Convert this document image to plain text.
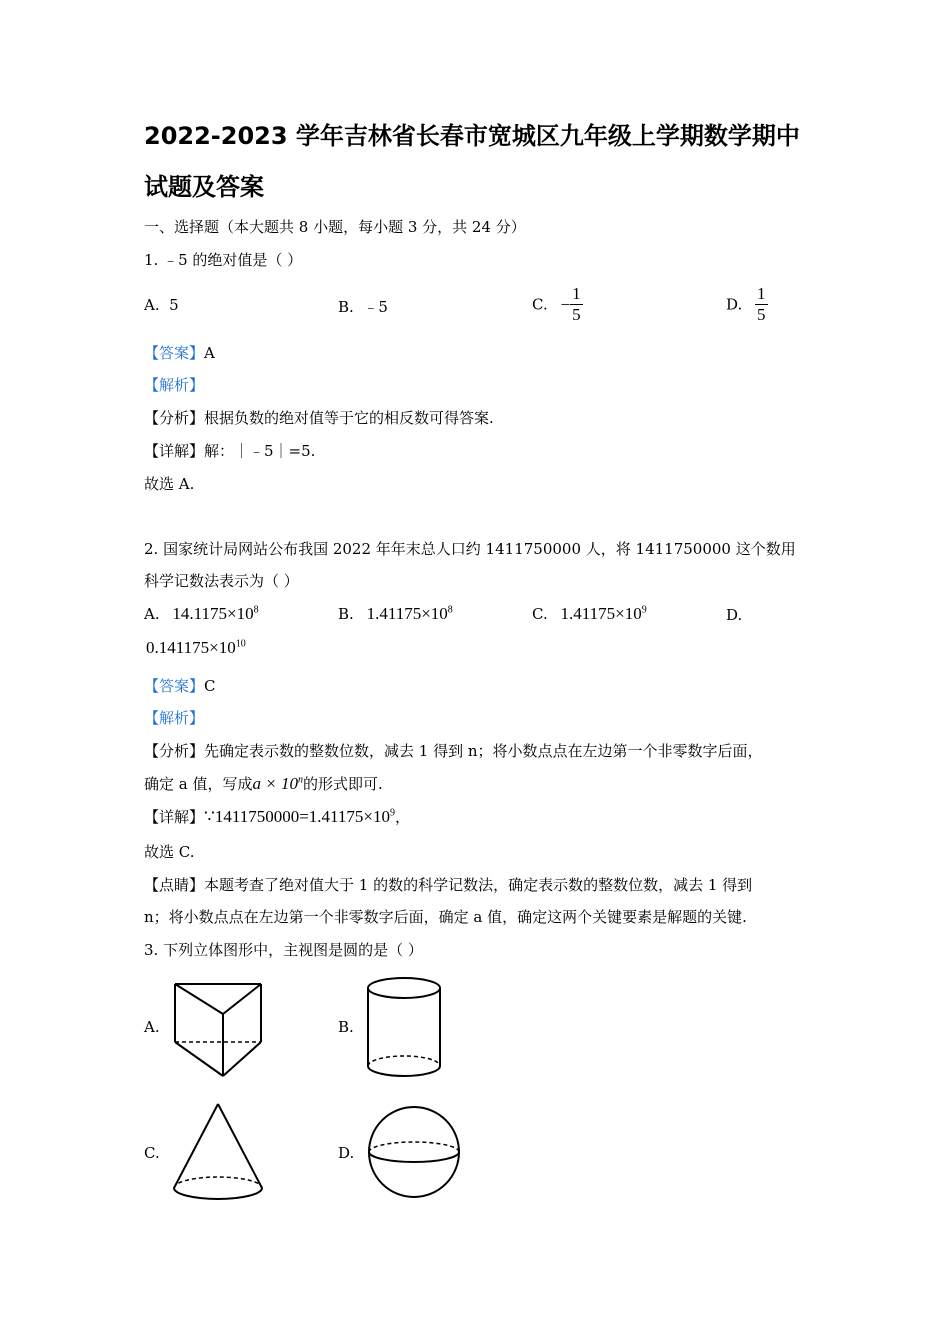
2022-2023 学年吉林省长春市宽城区九年级上学期数学期中
试题及答案
一、选择题（本大题共 8 小题，每小题 3 分，共 24 分）
1. ﹣5 的绝对值是（ ）
A. 5	B. ﹣5	C. − $\frac{1}{5}$	D. $\frac{1}{5}$
【答案】A
【解析】
【分析】根据负数的绝对值等于它的相反数可得答案.
【详解】解：｜﹣5｜=5.
故选 A.
2. 国家统计局网站公布我国 2022 年年末总人口约 1411750000 人，将 1411750000 这个数用
科学记数法表示为（ ）
A. $14.1175\times 10^8$	B. $1.41175\times 10^8$	C. $1.41175\times 10^9$	D.
$0.141175\times 10^{10}$
【答案】C
【解析】
【分析】先确定表示数的整数位数，减去 1 得到 n；将小数点点在左边第一个非零数字后面，
确定 a 值，写成$a \times 10^n$的形式即可.
【详解】$\because 1411750000=1.41175\times 10^9$，
故选 C.
【点睛】本题考查了绝对值大于 1 的数的科学记数法，确定表示数的整数位数，减去 1 得到
n；将小数点点在左边第一个非零数字后面，确定 a 值，确定这两个关键要素是解题的关键.
3. 下列立体图形中，主视图是圆的是（ ）
A.	B.
C.	D.
